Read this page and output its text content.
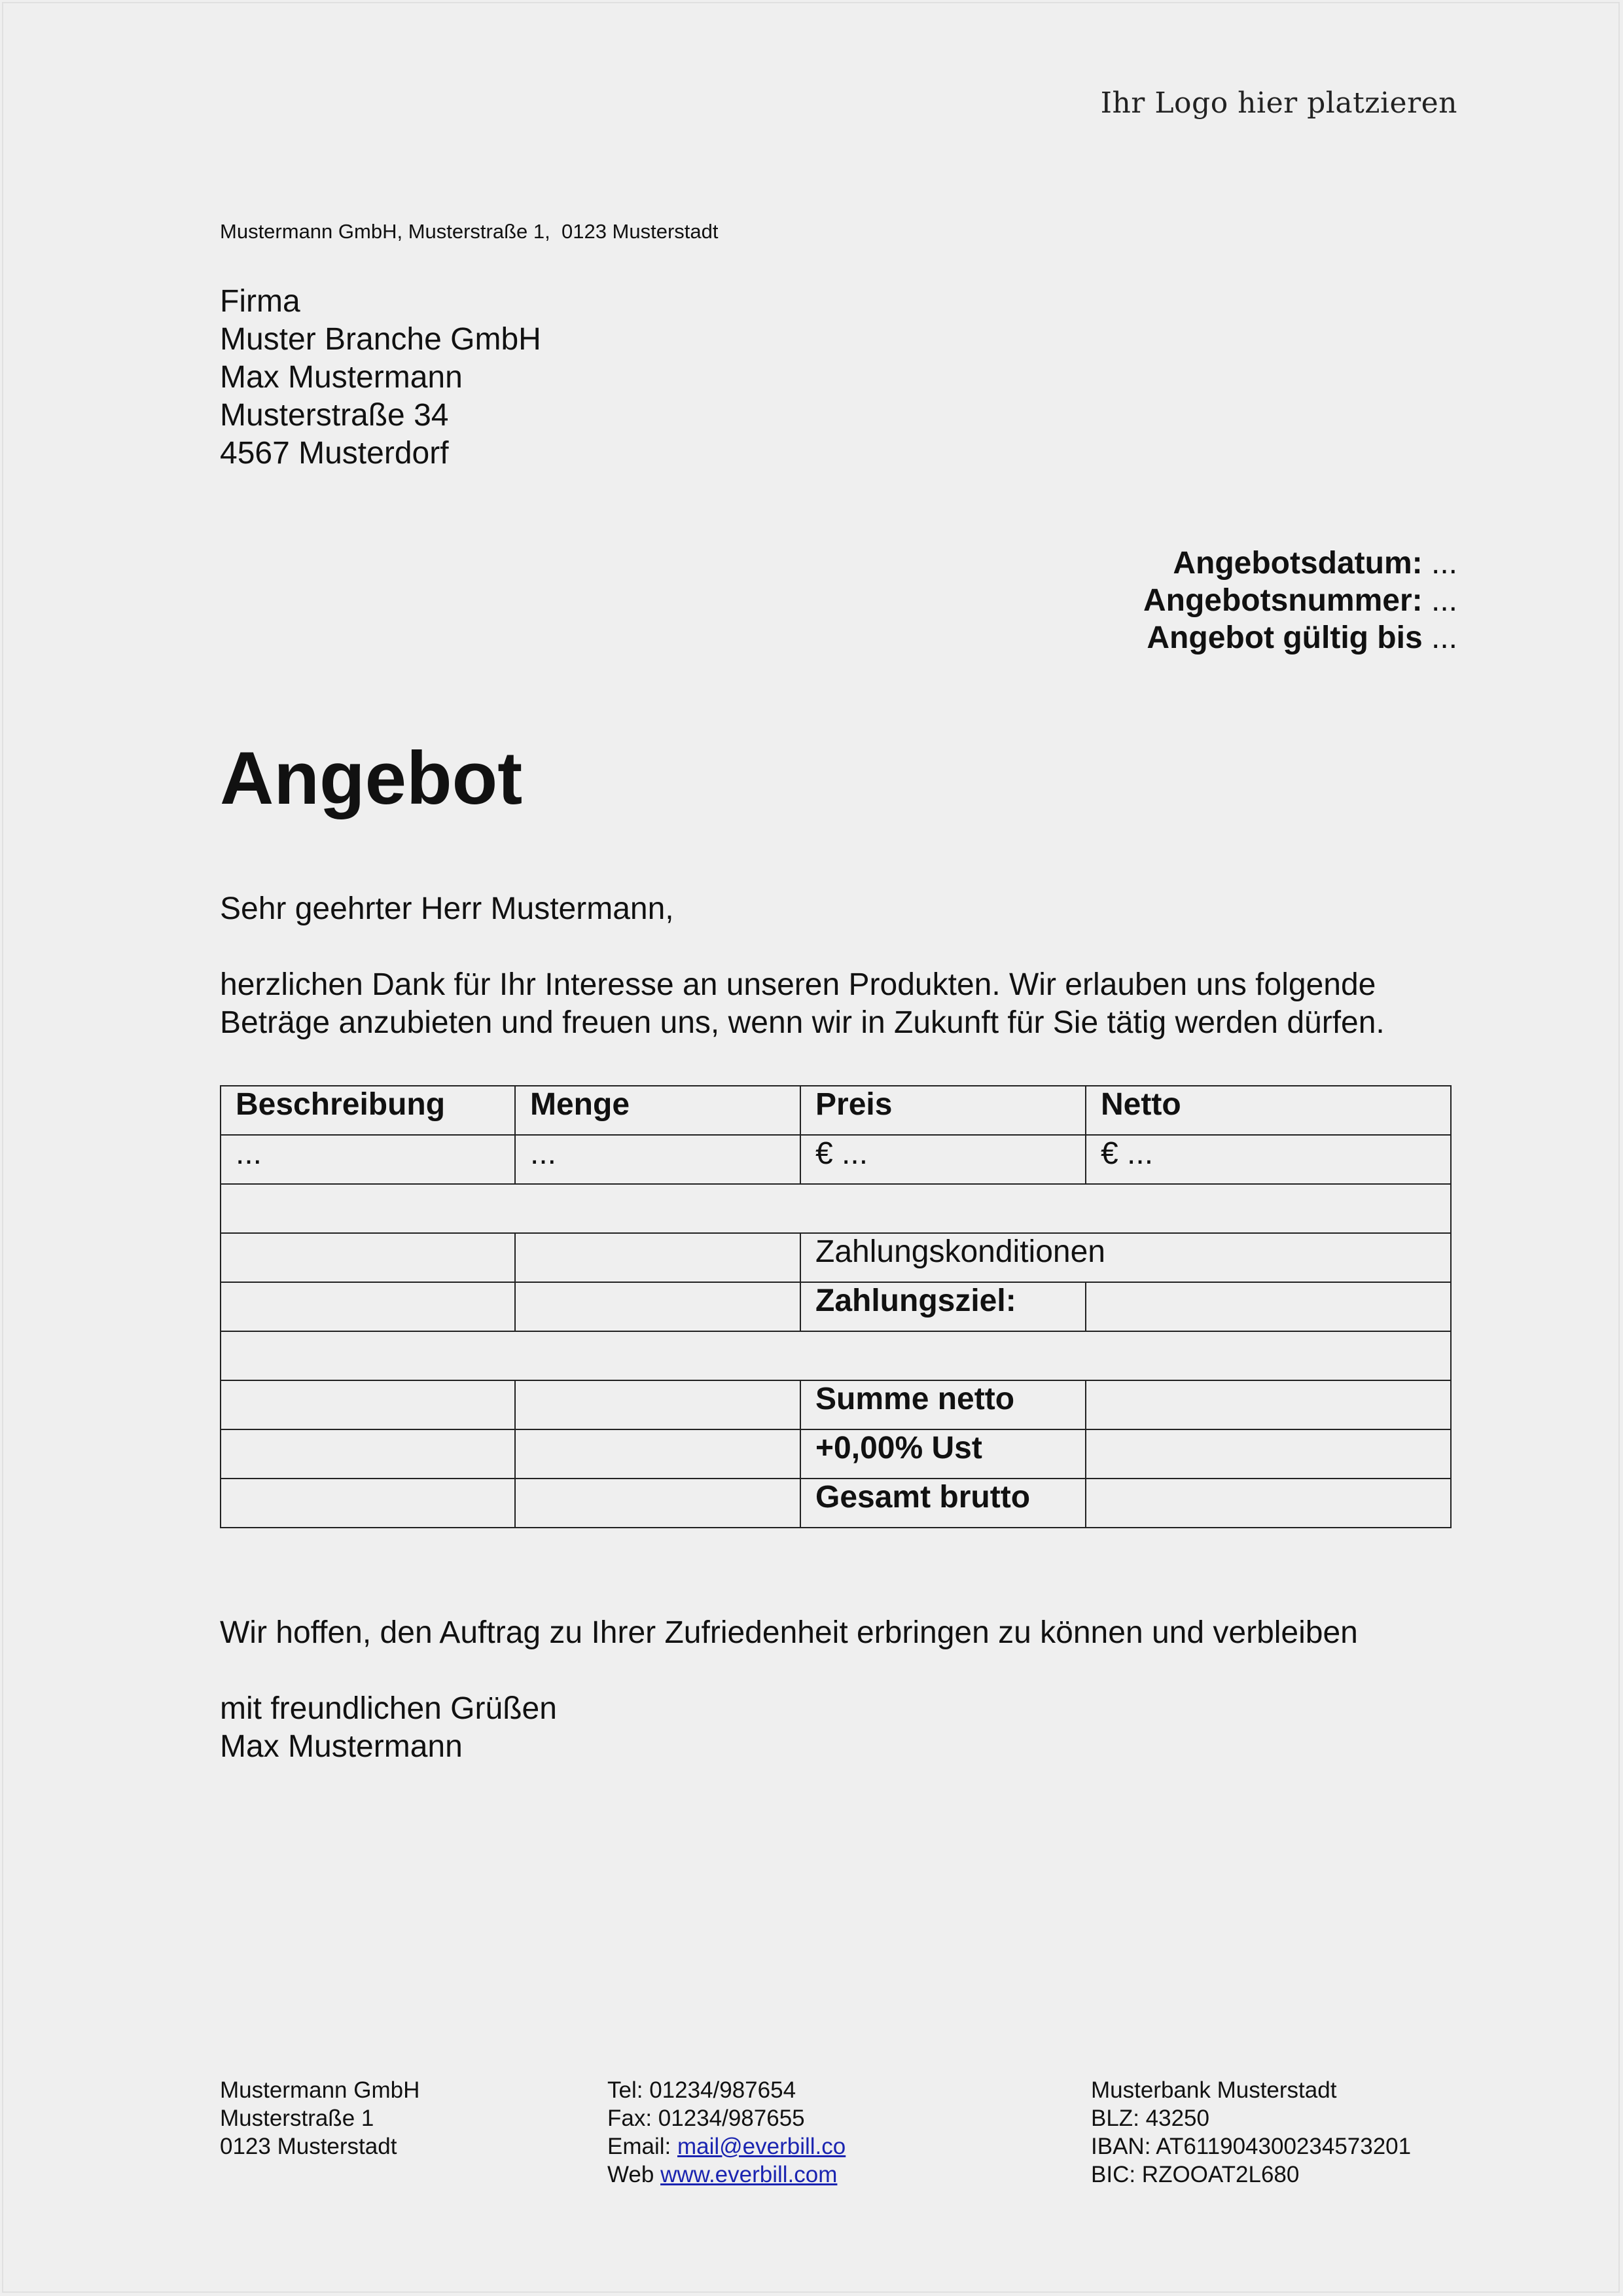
Ihr Logo hier platzieren
Mustermann GmbH, Musterstraße 1,  0123 Musterstadt
Firma
Muster Branche GmbH
Max Mustermann
Musterstraße 34
4567 Musterdorf
Angebotsdatum: ...
Angebotsnummer: ...
Angebot gültig bis ...
Angebot
Sehr geehrter Herr Mustermann,
herzlichen Dank für Ihr Interesse an unseren Produkten. Wir erlauben uns folgende
Beträge anzubieten und freuen uns, wenn wir in Zukunft für Sie tätig werden dürfen.
Beschreibung	Menge	Preis	Netto
...	...	€ ...	€ ...

		Zahlungskonditionen	
		Zahlungsziel:	

		Summe netto	
		+0,00% Ust	
		Gesamt brutto	
Wir hoffen, den Auftrag zu Ihrer Zufriedenheit erbringen zu können und verbleiben
mit freundlichen Grüßen
Max Mustermann
Mustermann GmbH
Musterstraße 1
0123 Musterstadt
Tel: 01234/987654
Fax: 01234/987655
Email: mail@everbill.co
Web www.everbill.com
Musterbank Musterstadt
BLZ: 43250
IBAN: AT611904300234573201
BIC: RZOOAT2L680
